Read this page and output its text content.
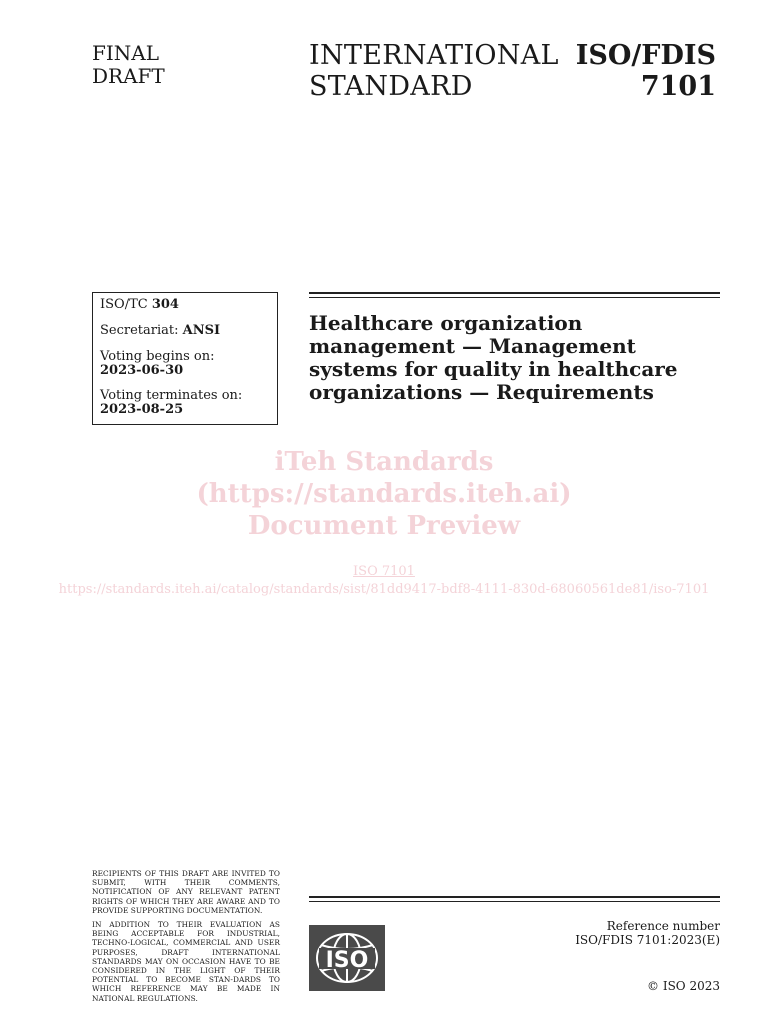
FINAL
DRAFT
INTERNATIONAL
STANDARD
ISO/FDIS
7101
ISO/TC 304
Secretariat: ANSI
Voting begins on:
2023-06-30
Voting terminates on:
2023-08-25
Healthcare organization management — Management systems for quality in healthcare organizations — Requirements
iTeh Standards
(https://standards.iteh.ai)
Document Preview
ISO 7101
https://standards.iteh.ai/catalog/standards/sist/81dd9417-bdf8-4111-830d-68060561de81/iso-7101
RECIPIENTS OF THIS DRAFT ARE INVITED TO SUBMIT, WITH THEIR COMMENTS, NOTIFICATION OF ANY RELEVANT PATENT RIGHTS OF WHICH THEY ARE AWARE AND TO PROVIDE SUPPORTING DOCUMENTATION.
IN ADDITION TO THEIR EVALUATION AS BEING ACCEPTABLE FOR INDUSTRIAL, TECHNO-LOGICAL, COMMERCIAL AND USER PURPOSES, DRAFT INTERNATIONAL STANDARDS MAY ON OCCASION HAVE TO BE CONSIDERED IN THE LIGHT OF THEIR POTENTIAL TO BECOME STAN-DARDS TO WHICH REFERENCE MAY BE MADE IN NATIONAL REGULATIONS.
ISO
Reference number
ISO/FDIS 7101:2023(E)
© ISO 2023
